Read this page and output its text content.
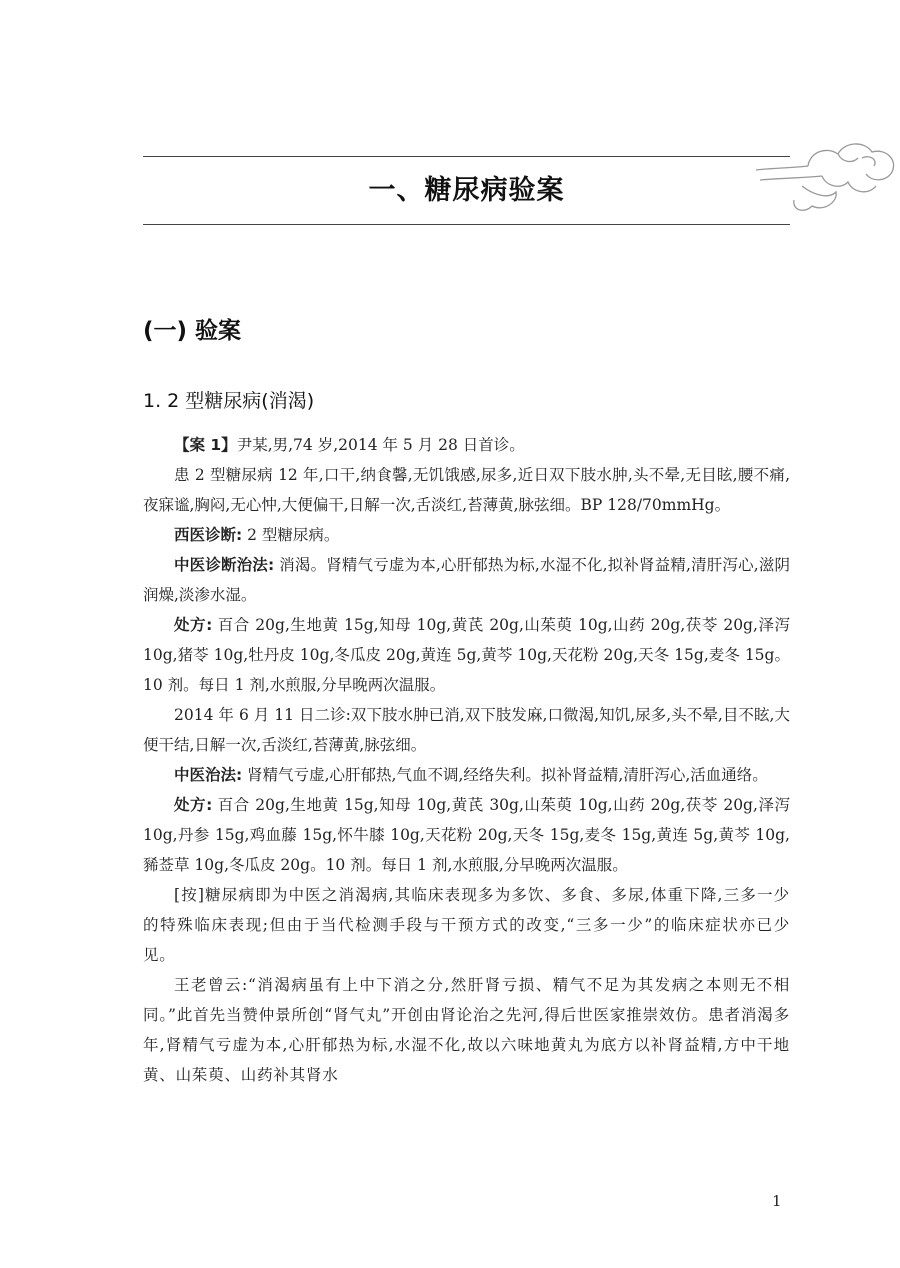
一、糖尿病验案
(一) 验案
1. 2 型糖尿病(消渴)

【案 1】尹某,男,74 岁,2014 年 5 月 28 日首诊。

患 2 型糖尿病 12 年,口干,纳食馨,无饥饿感,尿多,近日双下肢水肿,头不晕,无目眩,腰不痛,夜寐谧,胸闷,无心忡,大便偏干,日解一次,舌淡红,苔薄黄,脉弦细。BP 128/70mmHg。

西医诊断: 2 型糖尿病。

中医诊断治法: 消渴。肾精气亏虚为本,心肝郁热为标,水湿不化,拟补肾益精,清肝泻心,滋阴润燥,淡渗水湿。

处方: 百合 20g,生地黄 15g,知母 10g,黄芪 20g,山茱萸 10g,山药 20g,茯苓 20g,泽泻 10g,猪苓 10g,牡丹皮 10g,冬瓜皮 20g,黄连 5g,黄芩 10g,天花粉 20g,天冬 15g,麦冬 15g。10 剂。每日 1 剂,水煎服,分早晚两次温服。

2014 年 6 月 11 日二诊:双下肢水肿已消,双下肢发麻,口微渴,知饥,尿多,头不晕,目不眩,大便干结,日解一次,舌淡红,苔薄黄,脉弦细。

中医治法: 肾精气亏虚,心肝郁热,气血不调,经络失利。拟补肾益精,清肝泻心,活血通络。

处方: 百合 20g,生地黄 15g,知母 10g,黄芪 30g,山茱萸 10g,山药 20g,茯苓 20g,泽泻 10g,丹参 15g,鸡血藤 15g,怀牛膝 10g,天花粉 20g,天冬 15g,麦冬 15g,黄连 5g,黄芩 10g,豨莶草 10g,冬瓜皮 20g。10 剂。每日 1 剂,水煎服,分早晚两次温服。

[按]糖尿病即为中医之消渴病,其临床表现多为多饮、多食、多尿,体重下降,三多一少的特殊临床表现;但由于当代检测手段与干预方式的改变,“三多一少”的临床症状亦已少见。

王老曾云:“消渴病虽有上中下消之分,然肝肾亏损、精气不足为其发病之本则无不相同。”此首先当赞仲景所创“肾气丸”开创由肾论治之先河,得后世医家推崇效仿。患者消渴多年,肾精气亏虚为本,心肝郁热为标,水湿不化,故以六味地黄丸为底方以补肾益精,方中干地黄、山茱萸、山药补其肾水

1
